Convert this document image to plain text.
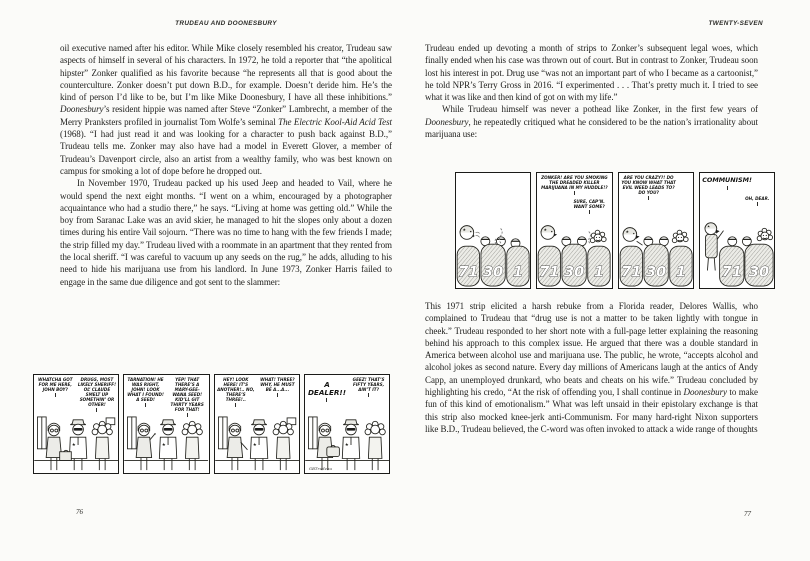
TRUDEAU AND DOONESBURY	TWENTY-SEVEN

oil executive named after his editor. While Mike closely resembled his creator, Trudeau saw aspects of himself in several of his characters. In 1972, he told a reporter that “the apolitical hipster” Zonker qualified as his favorite because “he represents all that is good about the counterculture. Zonker doesn’t put down B.D., for example. Doesn’t deride him. He’s the kind of person I’d like to be, but I’m like Mike Doonesbury, I have all these inhibitions.” Doonesbury’s resident hippie was named after Steve “Zonker” Lambrecht, a member of the Merry Pranksters profiled in journalist Tom Wolfe’s seminal The Electric Kool-Aid Acid Test (1968). “I had just read it and was looking for a character to push back against B.D.,” Trudeau tells me. Zonker may also have had a model in Everett Glover, a member of Trudeau’s Davenport circle, also an artist from a wealthy family, who was best known on campus for smoking a lot of dope before he dropped out.

In November 1970, Trudeau packed up his used Jeep and headed to Vail, where he would spend the next eight months. “I went on a whim, encouraged by a photographer acquaintance who had a studio there,” he says. “Living at home was getting old.” While the boy from Saranac Lake was an avid skier, he managed to hit the slopes only about a dozen times during his entire Vail sojourn. “There was no time to hang with the few friends I made; the strip filled my day.” Trudeau lived with a roommate in an apartment that they rented from the local sheriff. “I was careful to vacuum up any seeds on the rug,” he adds, alluding to his need to hide his marijuana use from his landlord. In June 1973, Zonker Harris failed to engage in the same due diligence and got sent to the slammer:

WHATCHA GOT FOR ME HERE, JOHN BOY?
DRUGS, MOST LIKELY SHERIFF! OL’ CLAUDE SMELT UP SOMETHIN’ OR OTHER!
★
TARNATION! HE WAS RIGHT, JOHN! LOOK WHAT I FOUND! A SEED!
YEP! THAT THERE’S A MARY-GEE-WANA SEED! KID’LL GIT THIRTY YEARS FOR THAT!
★
HEY! LOOK HERE! IT’S ANOTHER!.. NO, THERE’S THREE!..
WHAT! THREE? WHY, HE MUST BE A...A...
★
A DEALER!!
GEEZ! THAT’S FIFTY YEARS, AIN’T IT?
GBTrudeau
★
76

Trudeau ended up devoting a month of strips to Zonker’s subsequent legal woes, which finally ended when his case was thrown out of court. But in contrast to Zonker, Trudeau soon lost his interest in pot. Drug use “was not an important part of who I became as a cartoonist,” he told NPR’s Terry Gross in 2016. “I experimented . . . That’s pretty much it. I tried to see what it was like and then kind of got on with my life.”

While Trudeau himself was never a pothead like Zonker, in the first few years of Doonesbury, he repeatedly critiqued what he considered to be the nation’s irrationality about marijuana use:

71 30 1
★
ZONKER! ARE YOU SMOKING THE DREADED KILLER MARIJUANA IN MY HUDDLE!?
SURE, CAP’N. WANT SOME?
71 30 1
★
ARE YOU CRAZY?! DO YOU KNOW WHAT THAT EVIL WEED LEADS TO? DO YOU?
71 30 1
★
COMMUNISM!
OH, DEAR.
71 30
★

This 1971 strip elicited a harsh rebuke from a Florida reader, Delores Wallis, who complained to Trudeau that “drug use is not a matter to be taken lightly with tongue in cheek.” Trudeau responded to her short note with a full-page letter explaining the reasoning behind his approach to this complex issue. He argued that there was a double standard in America between alcohol use and marijuana use. The public, he wrote, “accepts alcohol and alcohol jokes as second nature. Every day millions of Americans laugh at the antics of Andy Capp, an unemployed drunkard, who beats and cheats on his wife.” Trudeau concluded by highlighting his credo, “At the risk of offending you, I shall continue in Doonesbury to make fun of this kind of emotionalism.” What was left unsaid in their epistolary exchange is that this strip also mocked knee-jerk anti-Communism. For many hard-right Nixon supporters like B.D., Trudeau believed, the C-word was often invoked to attack a wide range of thoughts

77
